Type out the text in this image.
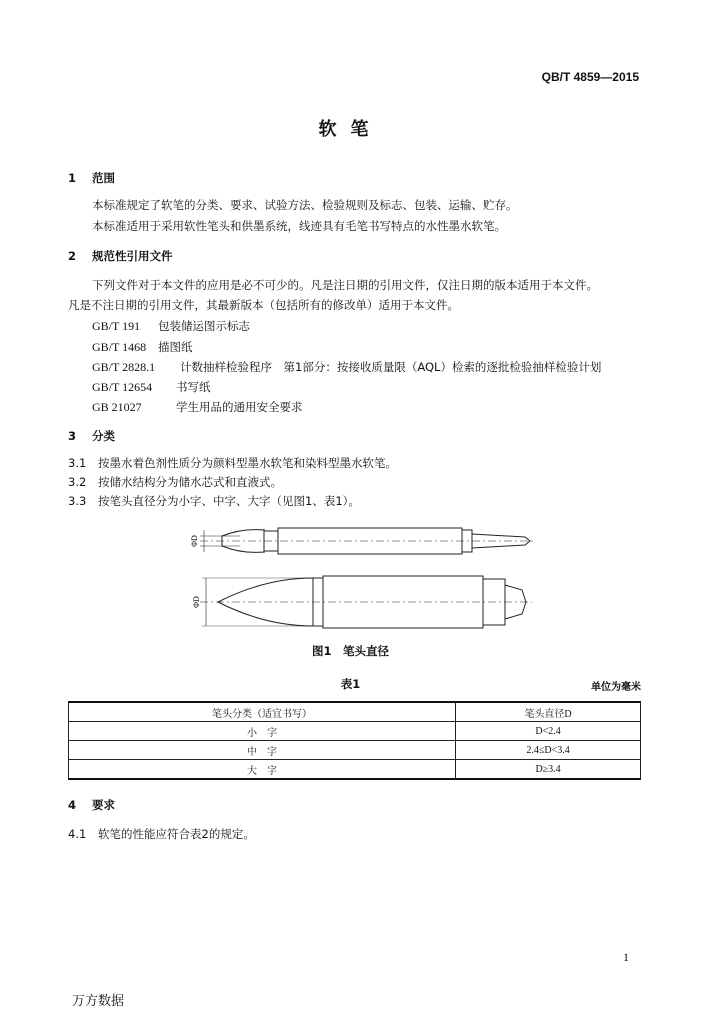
QB/T 4859—2015
软笔
1 范围
本标准规定了软笔的分类、要求、试验方法、检验规则及标志、包装、运输、贮存。
本标准适用于采用软性笔头和供墨系统，线迹具有毛笔书写特点的水性墨水软笔。
2 规范性引用文件
下列文件对于本文件的应用是必不可少的。凡是注日期的引用文件，仅注日期的版本适用于本文件。
凡是不注日期的引用文件，其最新版本（包括所有的修改单）适用于本文件。
GB/T 191 包装储运图示标志
GB/T 1468 描图纸
GB/T 2828.1 计数抽样检验程序　第1部分：按接收质量限（AQL）检索的逐批检验抽样检验计划
GB/T 12654 书写纸
GB 21027	学生用品的通用安全要求
3 分类
3.1 按墨水着色剂性质分为颜料型墨水软笔和染料型墨水软笔。
3.2 按储水结构分为储水芯式和直液式。
3.3 按笔头直径分为小字、中字、大字（见图1、表1）。
ΦD
ΦD
图1　 笔头直径
表1	单位为毫米
笔头分类（适宜书写）	笔头直径D
小　字	D<2.4
中　字	2.4≤D<3.4
大　字	D≥3.4
4 要求
4.1 软笔的性能应符合表2的规定。
1
万方数据
